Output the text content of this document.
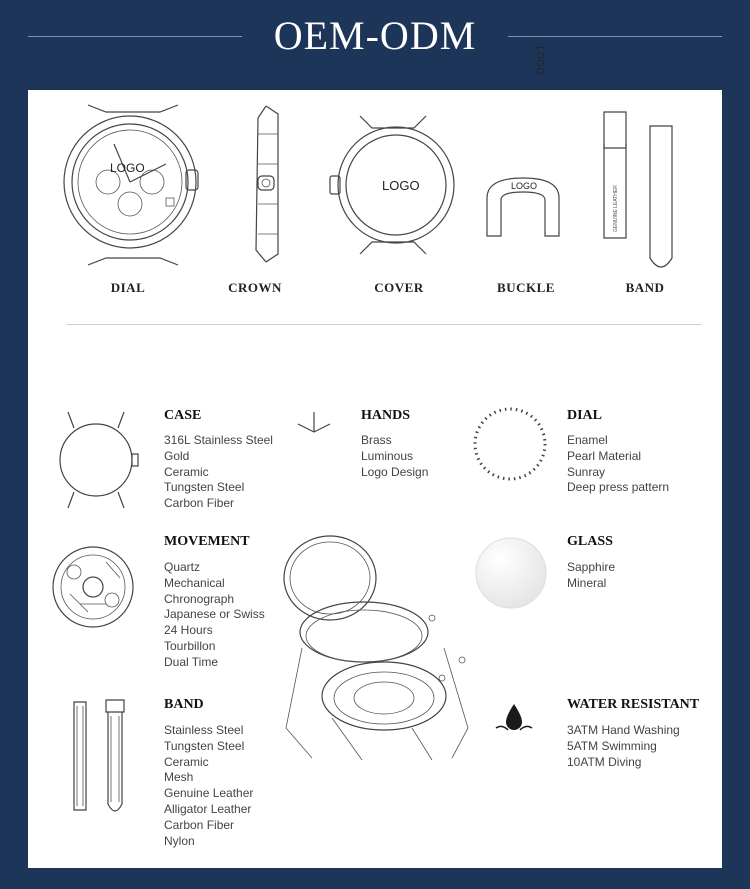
OEM-ODM
LOGO
DIAL	CROWN
LOGO
COVER
LOGO
BUCKLE
LOGO
GENUINE LEATHER
BAND
CASE
316L Stainless Steel
Gold
Ceramic
Tungsten Steel
Carbon Fiber
HANDS
Brass
Luminous
Logo Design
DIAL
Enamel
Pearl Material
Sunray
Deep press pattern
MOVEMENT
Quartz
Mechanical
Chronograph
Japanese or Swiss
24 Hours
Tourbillon
Dual Time
GLASS
Sapphire
Mineral
BAND
Stainless Steel
Tungsten Steel
Ceramic
Mesh
Genuine Leather
Alligator Leather
Carbon Fiber
Nylon
WATER RESISTANT
3ATM Hand Washing
5ATM Swimming
10ATM Diving
